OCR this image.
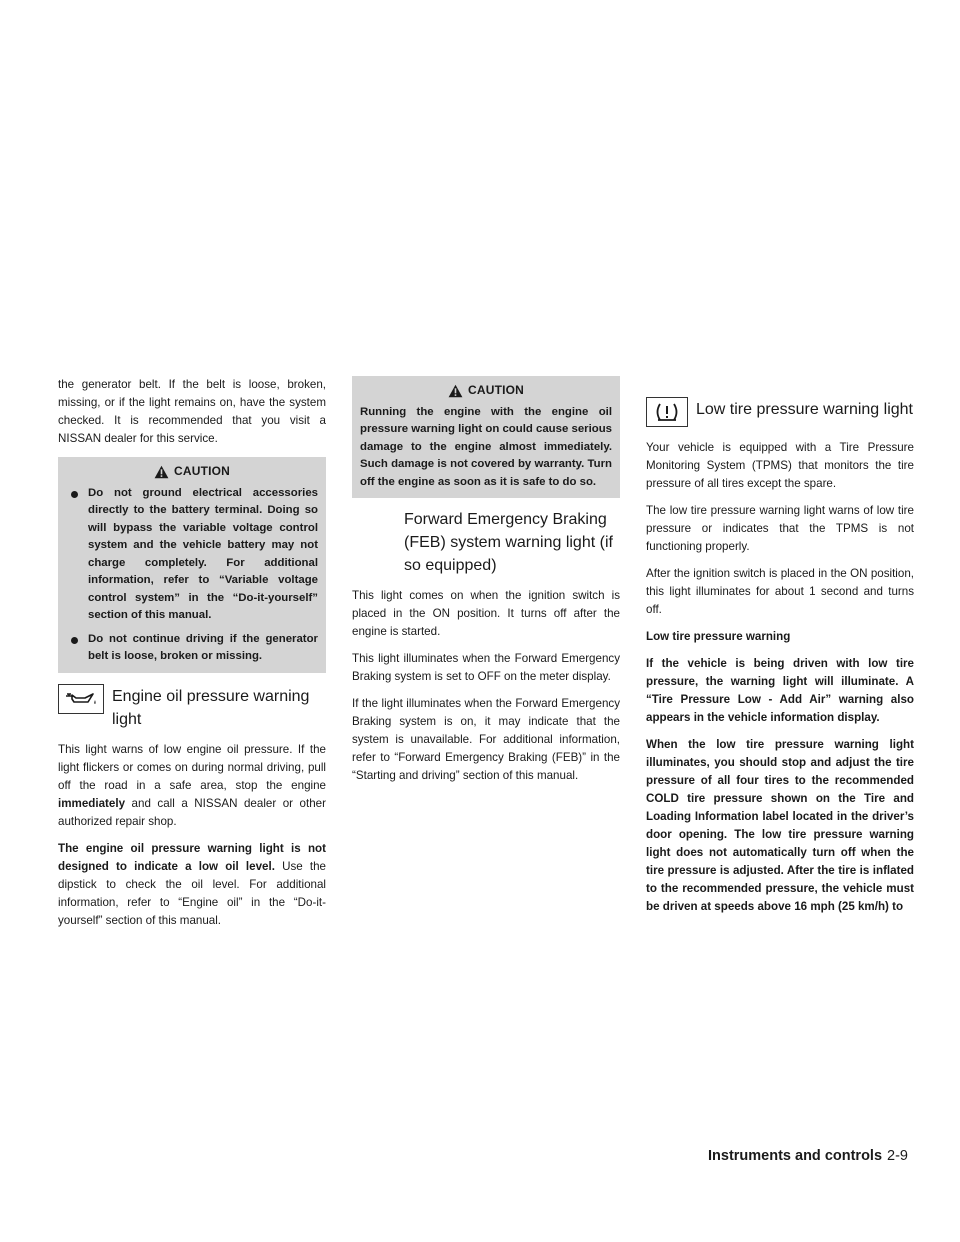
the generator belt. If the belt is loose, broken, missing, or if the light remains on, have the system checked. It is recommended that you visit a NISSAN dealer for this service.

CAUTION
Do not ground electrical accessories directly to the battery terminal. Doing so will bypass the variable voltage control system and the vehicle battery may not charge completely. For additional information, refer to “Variable voltage control system” in the “Do-it-yourself” section of this manual.
Do not continue driving if the generator belt is loose, broken or missing.
Engine oil pressure warning light

This light warns of low engine oil pressure. If the light flickers or comes on during normal driving, pull off the road in a safe area, stop the engine immediately and call a NISSAN dealer or other authorized repair shop.

The engine oil pressure warning light is not designed to indicate a low oil level. Use the dipstick to check the oil level. For additional information, refer to “Engine oil” in the “Do-it-yourself” section of this manual.

CAUTION

Running the engine with the engine oil pressure warning light on could cause serious damage to the engine almost immediately. Such damage is not covered by warranty. Turn off the engine as soon as it is safe to do so.

Forward Emergency Braking (FEB) system warning light (if so equipped)

This light comes on when the ignition switch is placed in the ON position. It turns off after the engine is started.

This light illuminates when the Forward Emergency Braking system is set to OFF on the meter display.

If the light illuminates when the Forward Emergency Braking system is on, it may indicate that the system is unavailable. For additional information, refer to “Forward Emergency Braking (FEB)” in the “Starting and driving” section of this manual.

Low tire pressure warning light

Your vehicle is equipped with a Tire Pressure Monitoring System (TPMS) that monitors the tire pressure of all tires except the spare.

The low tire pressure warning light warns of low tire pressure or indicates that the TPMS is not functioning properly.

After the ignition switch is placed in the ON position, this light illuminates for about 1 second and turns off.

Low tire pressure warning

If the vehicle is being driven with low tire pressure, the warning light will illuminate. A “Tire Pressure Low - Add Air” warning also appears in the vehicle information display.

When the low tire pressure warning light illuminates, you should stop and adjust the tire pressure of all four tires to the recommended COLD tire pressure shown on the Tire and Loading Information label located in the driver’s door opening. The low tire pressure warning light does not automatically turn off when the tire pressure is adjusted. After the tire is inflated to the recommended pressure, the vehicle must be driven at speeds above 16 mph (25 km/h) to

Instruments and controls 2-9
